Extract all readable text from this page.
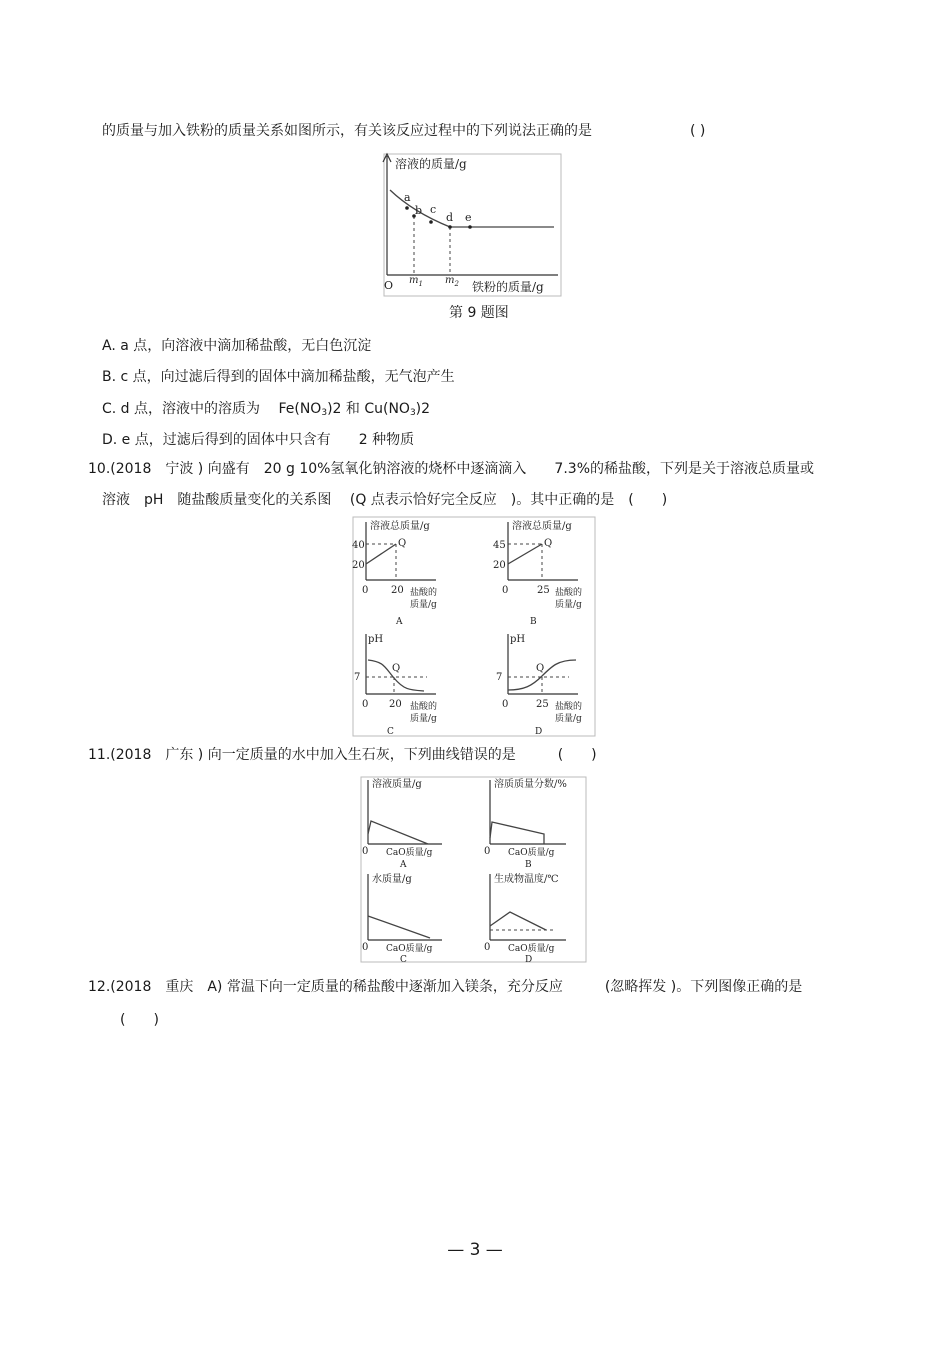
的质量与加入铁粉的质量关系如图所示，有关该反应过程中的下列说法正确的是	( )
溶液的质量/g
O $m_1$ $m_2$ 铁粉的质量/g
a
b c
d e
第 9 题图
A. a 点，向溶液中滴加稀盐酸，无白色沉淀
B. c 点，向过滤后得到的固体中滴加稀盐酸，无气泡产生
C. d 点，溶液中的溶质为　 $Fe(NO_3)2$ 和 $Cu(NO_3)2$
D. e 点，过滤后得到的固体中只含有　　2 种物质
10.(2018　宁波 ) 向盛有　20 g 10%氢氧化钠溶液的烧杯中逐滴滴入　　7.3%的稀盐酸，下列是关于溶液总质量或
溶液　pH　随盐酸质量变化的关系图　 (Q 点表示恰好完全反应　)。其中正确的是　(　　)
溶液总质量/g
40
20
Q
0 20 盐酸的
质量/g
A
溶液总质量/g
45
20
Q
0	25 盐酸的
质量/g
B
pH
7
Q
0 20 盐酸的
质量/g
C
pH
7
Q
0	25 盐酸的
质量/g
D
11.(2018　广东 ) 向一定质量的水中加入生石灰，下列曲线错误的是　　　(　　)
溶液质量/g
0 CaO质量/g
A
溶质质量分数/%
0 CaO质量/g
B
水质量/g
0 CaO质量/g
C
生成物温度/℃
0 CaO质量/g
D
12.(2018　重庆　A) 常温下向一定质量的稀盐酸中逐渐加入镁条，充分反应　　　(忽略挥发 )。下列图像正确的是
(　　)
— 3 —
